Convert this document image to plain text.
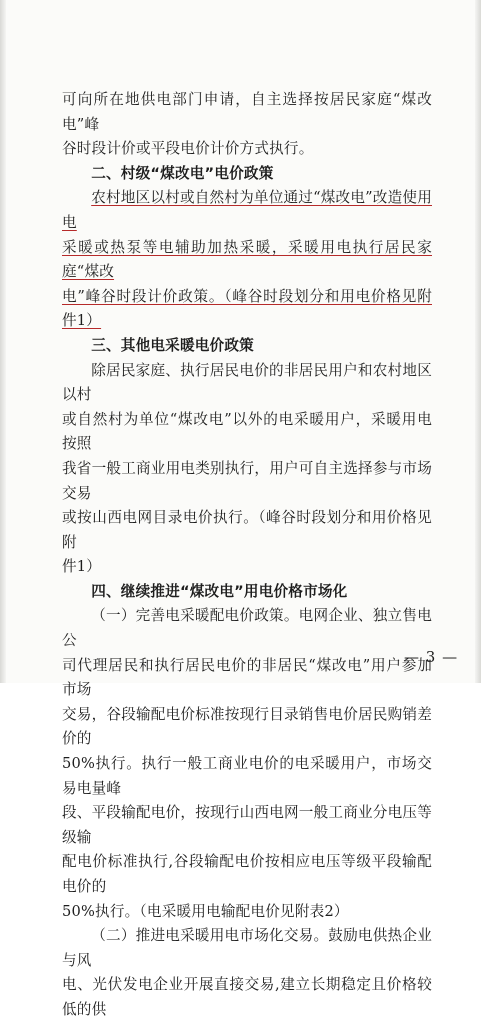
可向所在地供电部门申请，自主选择按居民家庭“煤改电”峰

谷时段计价或平段电价计价方式执行。

二、村级“煤改电”电价政策

农村地区以村或自然村为单位通过“煤改电”改造使用电

采暖或热泵等电辅助加热采暖，采暖用电执行居民家庭“煤改

电”峰谷时段计价政策。（峰谷时段划分和用电价格见附件1）

三、其他电采暖电价政策

除居民家庭、执行居民电价的非居民用户和农村地区以村

或自然村为单位“煤改电”以外的电采暖用户，采暖用电按照

我省一般工商业用电类别执行，用户可自主选择参与市场交易

或按山西电网目录电价执行。（峰谷时段划分和用价格见附

件1）

四、继续推进“煤改电”用电价格市场化

（一）完善电采暖配电价政策。电网企业、独立售电公

司代理居民和执行居民电价的非居民“煤改电”用户参加市场

交易，谷段输配电价标准按现行目录销售电价居民购销差价的

50%执行。执行一般工商业电价的电采暖用户，市场交易电量峰

段、平段输配电价，按现行山西电网一般工商业分电压等级输

配电价标准执行,谷段输配电价按相应电压等级平段输配电价的

50%执行。（电采暖用电输配电价见附表2）

（二）推进电采暖用电市场化交易。鼓励电供热企业与风

电、光伏发电企业开展直接交易,建立长期稳定且价格较低的供

— 3 —
